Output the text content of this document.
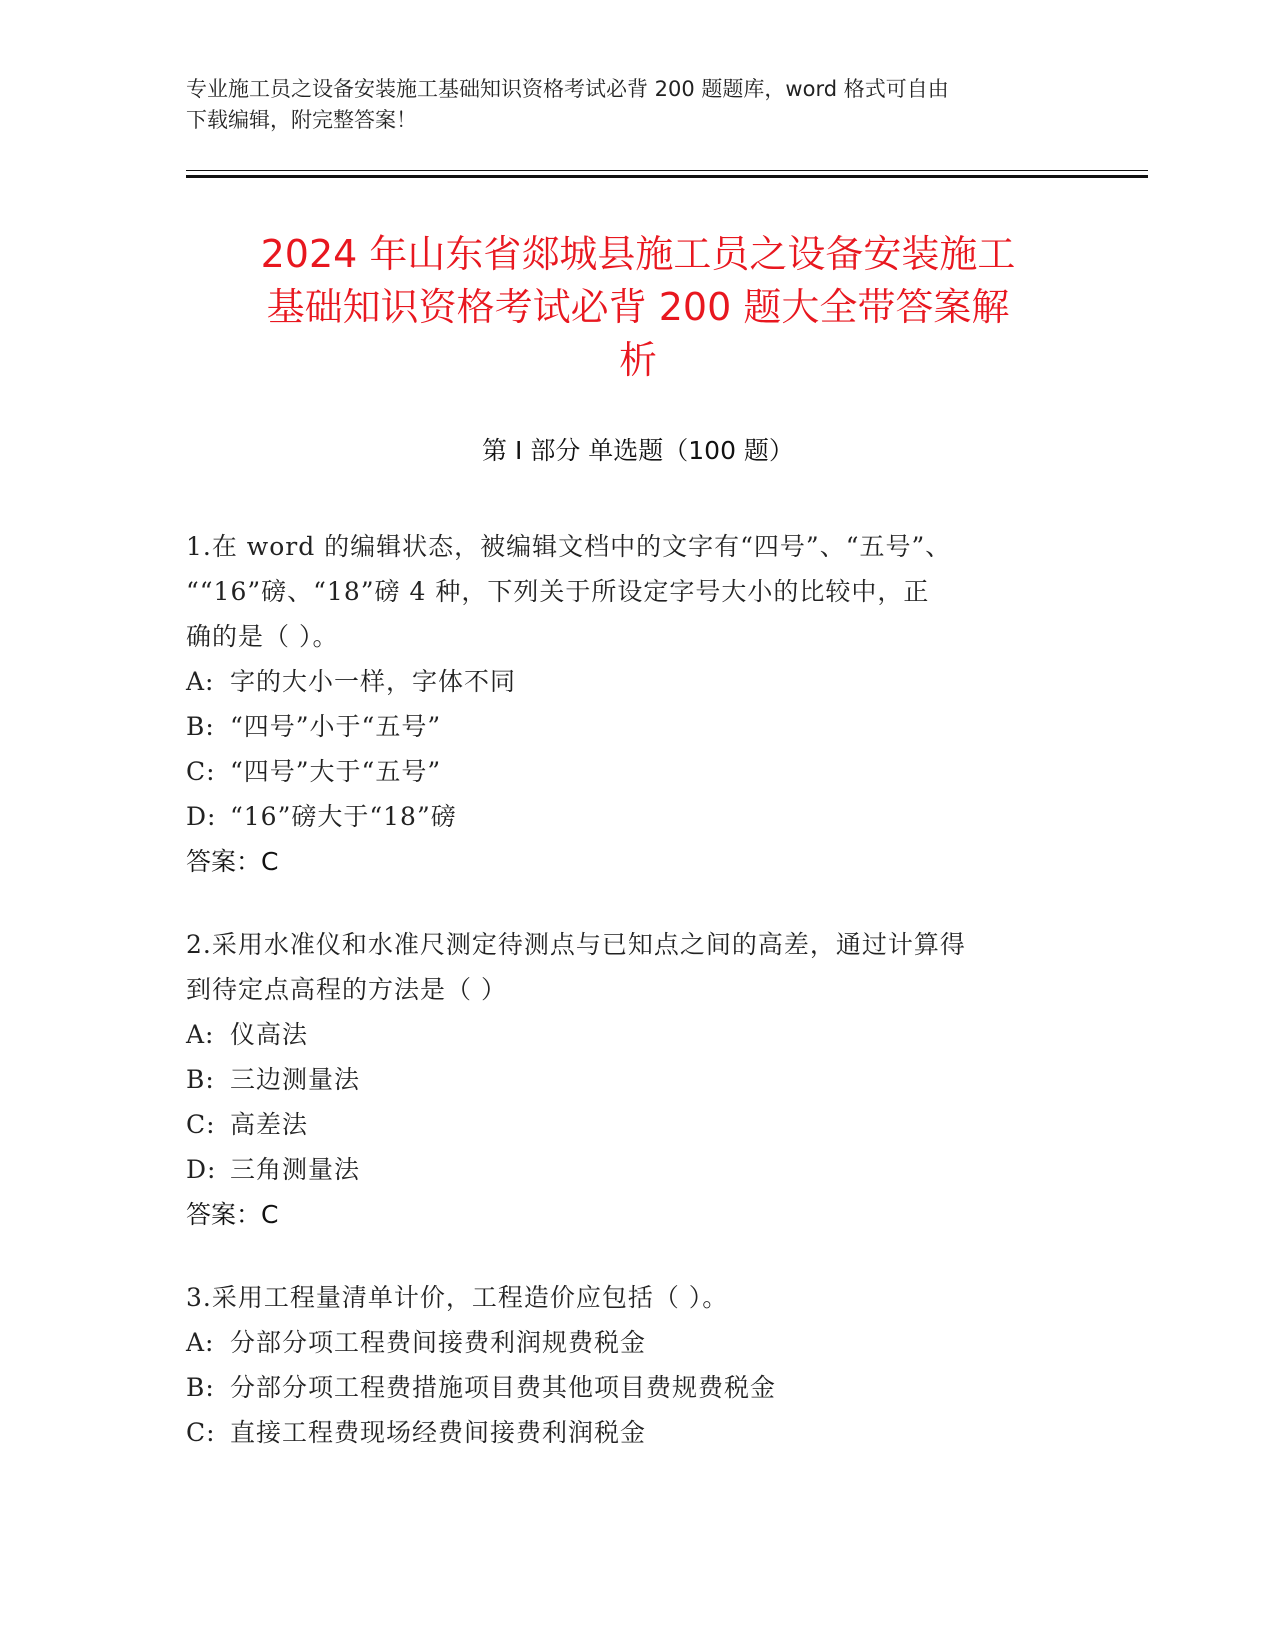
专业施工员之设备安装施工基础知识资格考试必背 200 题题库，word 格式可自由
下载编辑，附完整答案！
2024 年山东省郯城县施工员之设备安装施工
基础知识资格考试必背 200 题大全带答案解
析
第 I 部分 单选题（100 题）
1.在 word 的编辑状态，被编辑文档中的文字有“四号”、“五号”、
““16”磅、“18”磅 4 种，下列关于所设定字号大小的比较中，正
确的是（ ）。
A: 字的大小一样，字体不同
B: “四号”小于“五号”
C: “四号”大于“五号”
D: “16”磅大于“18”磅
答案：C
2.采用水准仪和水准尺测定待测点与已知点之间的高差，通过计算得
到待定点高程的方法是（ ）
A: 仪高法
B: 三边测量法
C: 高差法
D: 三角测量法
答案：C
3.采用工程量清单计价，工程造价应包括（ ）。
A: 分部分项工程费间接费利润规费税金
B: 分部分项工程费措施项目费其他项目费规费税金
C: 直接工程费现场经费间接费利润税金
